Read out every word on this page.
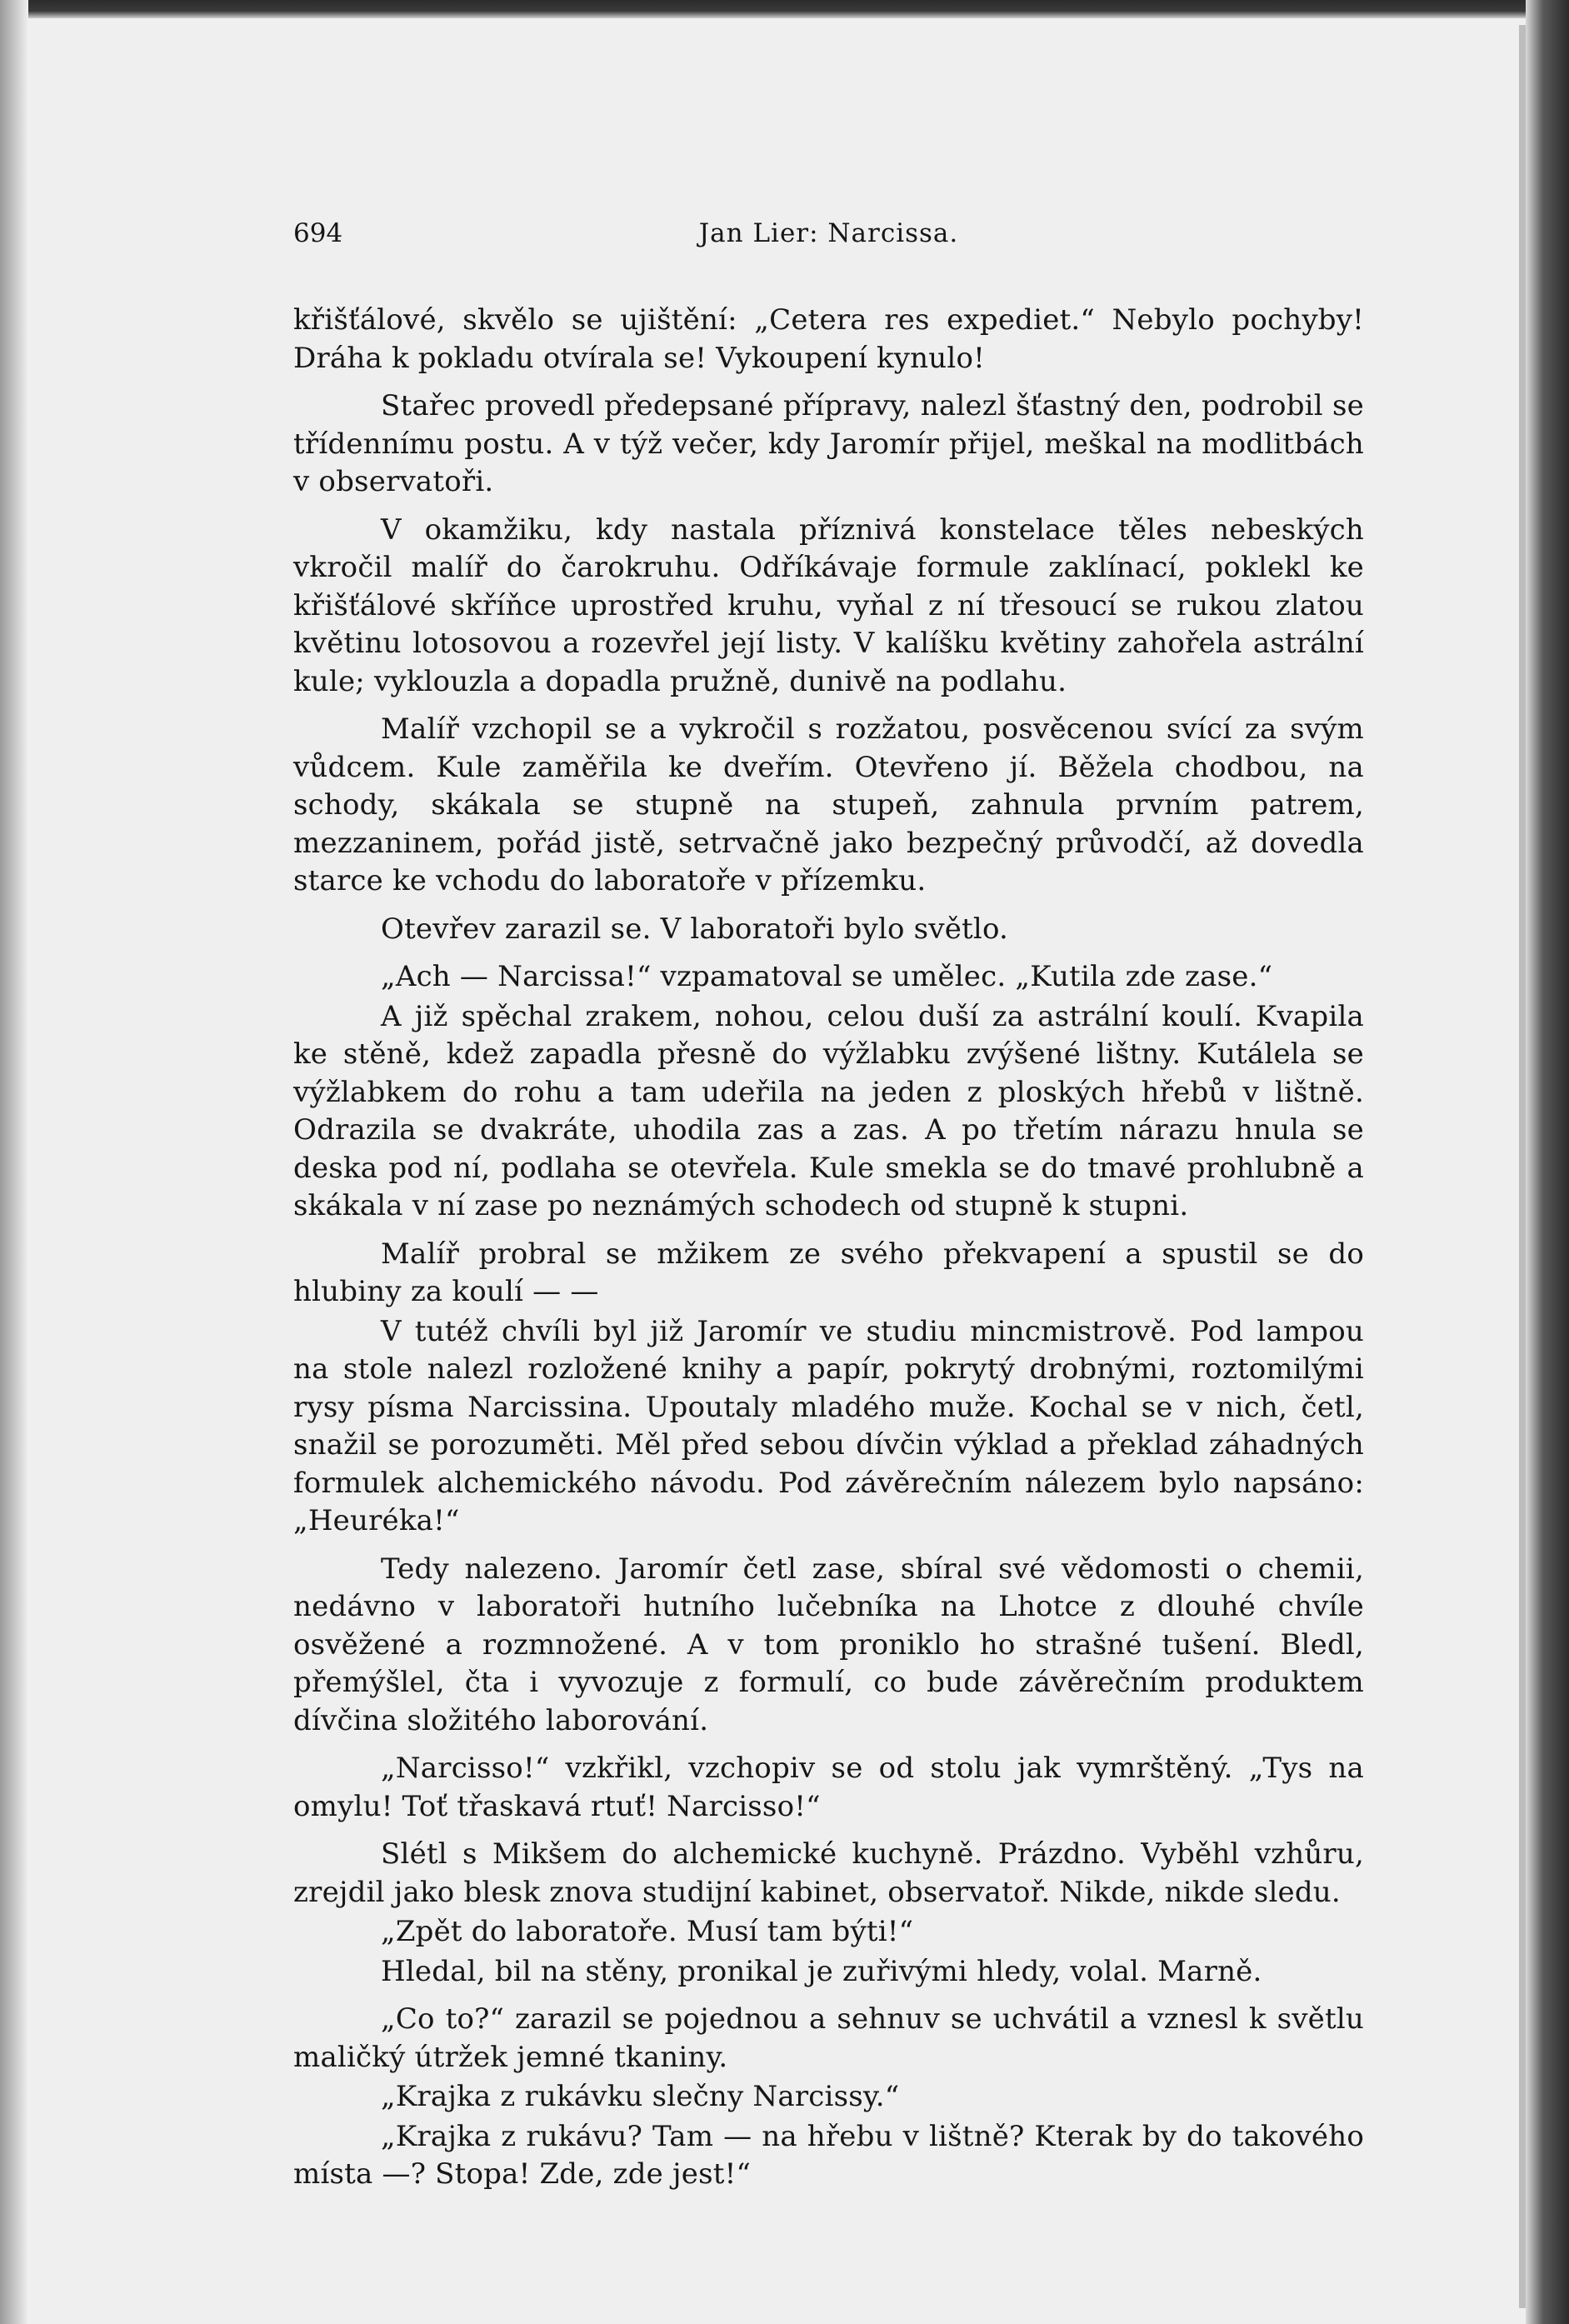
694	Jan Lier: Narcissa.

křišťálové, skvělo se ujištění: „Cetera res expediet.“ Nebylo pochyby! Dráha k pokladu otvírala se! Vykoupení kynulo!

Stařec provedl předepsané přípravy, nalezl šťastný den, podrobil se třídennímu postu. A v týž večer, kdy Jaromír přijel, meškal na modlitbách v observatoři.

V okamžiku, kdy nastala příznivá konstelace těles nebeských vkročil malíř do čarokruhu. Odříkávaje formule zaklínací, poklekl ke křišťálové skříňce uprostřed kruhu, vyňal z ní třesoucí se rukou zlatou květinu lotosovou a rozevřel její listy. V kalíšku květiny zahořela astrální kule; vyklouzla a dopadla pružně, dunivě na podlahu.

Malíř vzchopil se a vykročil s rozžatou, posvěcenou svící za svým vůdcem. Kule zaměřila ke dveřím. Otevřeno jí. Běžela chodbou, na schody, skákala se stupně na stupeň, zahnula prvním patrem, mezzaninem, pořád jistě, setrvačně jako bezpečný průvodčí, až dovedla starce ke vchodu do laboratoře v přízemku.

Otevřev zarazil se. V laboratoři bylo světlo.

„Ach — Narcissa!“ vzpamatoval se umělec. „Kutila zde zase.“

A již spěchal zrakem, nohou, celou duší za astrální koulí. Kvapila ke stěně, kdež zapadla přesně do výžlabku zvýšené lištny. Kutálela se výžlabkem do rohu a tam udeřila na jeden z ploských hřebů v lištně. Odrazila se dvakráte, uhodila zas a zas. A po třetím nárazu hnula se deska pod ní, podlaha se otevřela. Kule smekla se do tmavé prohlubně a skákala v ní zase po neznámých schodech od stupně k stupni.

Malíř probral se mžikem ze svého překvapení a spustil se do hlubiny za koulí — —

V tutéž chvíli byl již Jaromír ve studiu mincmistrově. Pod lampou na stole nalezl rozložené knihy a papír, pokrytý drobnými, roztomilými rysy písma Narcissina. Upoutaly mladého muže. Kochal se v nich, četl, snažil se porozuměti. Měl před sebou dívčin výklad a překlad záhadných formulek alchemického návodu. Pod závěrečním nálezem bylo napsáno: „Heuréka!“

Tedy nalezeno. Jaromír četl zase, sbíral své vědomosti o chemii, nedávno v laboratoři hutního lučebníka na Lhotce z dlouhé chvíle osvěžené a rozmnožené. A v tom proniklo ho strašné tušení. Bledl, přemýšlel, čta i vyvozuje z formulí, co bude závěrečním produktem dívčina složitého laborování.

„Narcisso!“ vzkřikl, vzchopiv se od stolu jak vymrštěný. „Tys na omylu! Toť třaskavá rtuť! Narcisso!“

Slétl s Mikšem do alchemické kuchyně. Prázdno. Vyběhl vzhůru, zrejdil jako blesk znova studijní kabinet, observatoř. Nikde, nikde sledu.

„Zpět do laboratoře. Musí tam býti!“

Hledal, bil na stěny, pronikal je zuřivými hledy, volal. Marně.

„Co to?“ zarazil se pojednou a sehnuv se uchvátil a vznesl k světlu maličký útržek jemné tkaniny.

„Krajka z rukávku slečny Narcissy.“

„Krajka z rukávu? Tam — na hřebu v lištně? Kterak by do takového místa —? Stopa! Zde, zde jest!“
